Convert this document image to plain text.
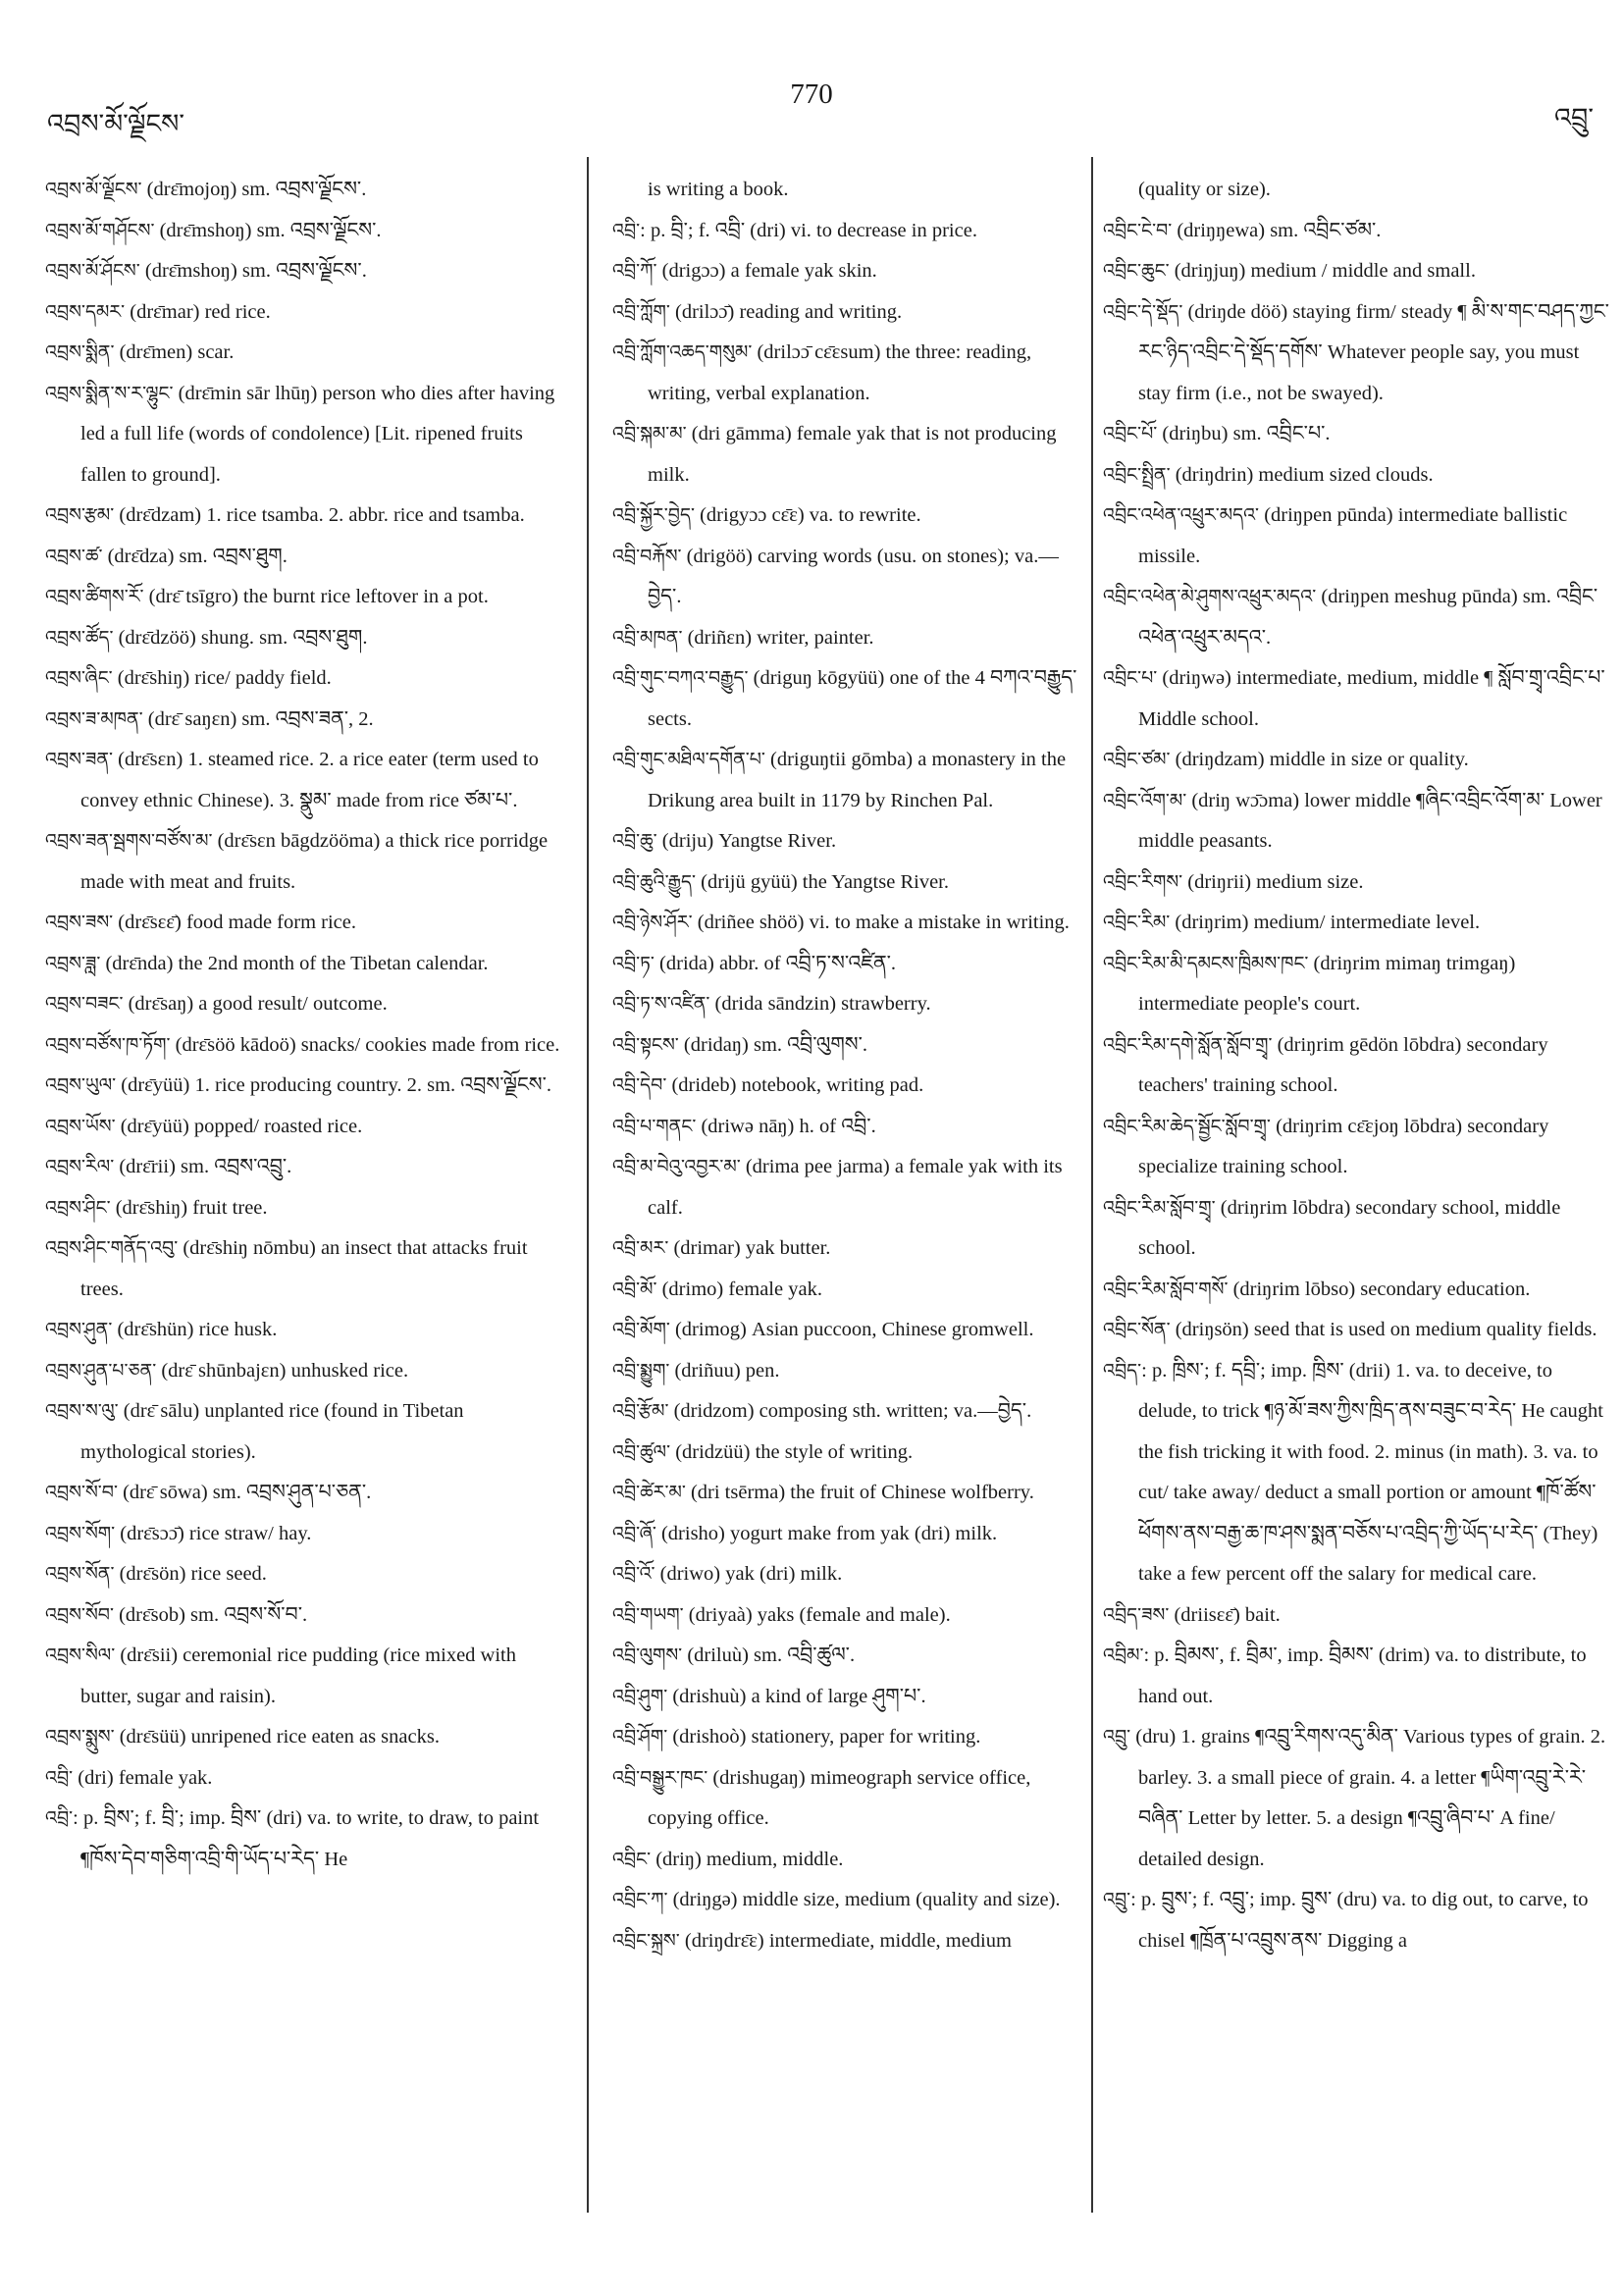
འབྲས་མོ་ལྗོངས་
770
འབྲུ་

འབྲས་མོ་ལྗོངས་ (drɛ̄mojoŋ) sm. འབྲས་ལྗོངས་.

འབྲས་མོ་གཤོངས་ (drɛ̄mshoŋ) sm. འབྲས་ལྗོངས་.

འབྲས་མོ་ཤོངས་ (drɛ̄mshoŋ) sm. འབྲས་ལྗོངས་.

འབྲས་དམར་ (drɛ̄mar) red rice.

འབྲས་སྨིན་ (drɛ̄men) scar.

འབྲས་སྨིན་ས་ར་ལྷུང་ (drɛ̄min sār lhūŋ) person who dies after having led a full life (words of condolence) [Lit. ripened fruits fallen to ground].

འབྲས་རྩམ་ (drɛ̄dzam) 1. rice tsamba. 2. abbr. rice and tsamba.

འབྲས་ཚ་ (drɛ̄dza) sm. འབྲས་ཐུག.

འབྲས་ཚིགས་རོ་ (drɛ̄ tsīgro) the burnt rice leftover in a pot.

འབྲས་ཚོད་ (drɛ̄dzöö) shung. sm. འབྲས་ཐུག.

འབྲས་ཞིང་ (drɛ̄shiŋ) rice/ paddy field.

འབྲས་ཟ་མཁན་ (drɛ̄ saŋɛn) sm. འབྲས་ཟན་, 2.

འབྲས་ཟན་ (drɛ̄sɛn) 1. steamed rice. 2. a rice eater (term used to convey ethnic Chinese). 3. སྣུམ་ made from rice ཙམ་པ་.

འབྲས་ཟན་སྦགས་བཙོས་མ་ (drɛ̄sɛn bāgdzööma) a thick rice porridge made with meat and fruits.

འབྲས་ཟས་ (drɛ̄sɛɛ̄) food made form rice.

འབྲས་ཟླ་ (drɛ̄nda) the 2nd month of the Tibetan calendar.

འབྲས་བཟང་ (drɛ̄saŋ) a good result/ outcome.

འབྲས་བཙོས་ཁ་ཏོག་ (drɛ̄söö kādoö) snacks/ cookies made from rice.

འབྲས་ཡུལ་ (drɛ̄yüü) 1. rice producing country. 2. sm. འབྲས་ལྗོངས་.

འབྲས་ཡོས་ (drɛ̄yüü) popped/ roasted rice.

འབྲས་རིལ་ (drɛ̄rii) sm. འབྲས་འབྲུ་.

འབྲས་ཤིང་ (drɛ̄shiŋ) fruit tree.

འབྲས་ཤིང་གནོད་འབུ་ (drɛ̄shiŋ nōmbu) an insect that attacks fruit trees.

འབྲས་ཤུན་ (drɛ̄shün) rice husk.

འབྲས་ཤུན་པ་ཅན་ (drɛ̄ shūnbajɛn) unhusked rice.

འབྲས་ས་ལུ་ (drɛ̄ sālu) unplanted rice (found in Tibetan mythological stories).

འབྲས་སོ་བ་ (drɛ̄ sōwa) sm. འབྲས་ཤུན་པ་ཅན་.

འབྲས་སོག་ (drɛ̄sɔɔ̄) rice straw/ hay.

འབྲས་སོན་ (drɛ̄sön) rice seed.

འབྲས་སོབ་ (drɛ̄sob) sm. འབྲས་སོ་བ་.

འབྲས་སིལ་ (drɛ̄sii) ceremonial rice pudding (rice mixed with butter, sugar and raisin).

འབྲས་སྨུས་ (drɛ̄süü) unripened rice eaten as snacks.

འབྲི་ (dri) female yak.

འབྲི་: p. བྲིས་; f. བྲི་; imp. བྲིས་ (dri) va. to write, to draw, to paint ¶ཁོས་དེབ་གཅིག་འབྲི་གི་ཡོད་པ་རེད་ He

is writing a book.

འབྲི་: p. བྲི་; f. འབྲི་ (dri) vi. to decrease in price.

འབྲི་ཀོ་ (drigɔɔ) a female yak skin.

འབྲི་ཀློག་ (drilɔɔ̄) reading and writing.

འབྲི་ཀློག་འཆད་གསུམ་ (drilɔɔ̄ cɛ̄ɛsum) the three: reading, writing, verbal explanation.

འབྲི་སྐམ་མ་ (dri gāmma) female yak that is not producing milk.

འབྲི་སྐྱོར་བྱེད་ (drigyɔɔ cɛ̄ɛ) va. to rewrite.

འབྲི་བརྐོས་ (drigöö) carving words (usu. on stones); va.—བྱེད་.

འབྲི་མཁན་ (driñɛn) writer, painter.

འབྲི་གུང་བཀའ་བརྒྱུད་ (driguŋ kōgyüü) one of the 4 བཀའ་བརྒྱུད་ sects.

འབྲི་གུང་མཐིལ་དགོན་པ་ (driguŋtii gōmba) a monastery in the Drikung area built in 1179 by Rinchen Pal.

འབྲི་ཆུ་ (driju) Yangtse River.

འབྲི་ཆུའི་རྒྱུད་ (drijü gyüü) the Yangtse River.

འབྲི་ཉེས་ཤོར་ (driñee shöö) vi. to make a mistake in writing.

འབྲི་ཏ་ (drida) abbr. of འབྲི་ཏ་ས་འཛིན་.

འབྲི་ཏ་ས་འཛིན་ (drida sāndzin) strawberry.

འབྲི་སྟངས་ (dridaŋ) sm. འབྲི་ལུགས་.

འབྲི་དེབ་ (drideb) notebook, writing pad.

འབྲི་པ་གནང་ (driwə nāŋ) h. of འབྲི་.

འབྲི་མ་བེའུ་འབྱར་མ་ (drima pee jarma) a female yak with its calf.

འབྲི་མར་ (drimar) yak butter.

འབྲི་མོ་ (drimo) female yak.

འབྲི་མོག་ (drimog) Asian puccoon, Chinese gromwell.

འབྲི་སྨྱུག་ (driñuu) pen.

འབྲི་རྩོམ་ (dridzom) composing sth. written; va.—བྱེད་.

འབྲི་ཚུལ་ (dridzüü) the style of writing.

འབྲི་ཚེར་མ་ (dri tsērma) the fruit of Chinese wolfberry.

འབྲི་ཞོ་ (drisho) yogurt make from yak (dri) milk.

འབྲི་འོ་ (driwo) yak (dri) milk.

འབྲི་གཡག་ (driyaà) yaks (female and male).

འབྲི་ལུགས་ (driluù) sm. འབྲི་ཚུལ་.

འབྲི་ཤུག་ (drishuù) a kind of large ཤུག་པ་.

འབྲི་ཤོག་ (drishoò) stationery, paper for writing.

འབྲི་བསྒྱུར་ཁང་ (drishugaŋ) mimeograph service office, copying office.

འབྲིང་ (driŋ) medium, middle.

འབྲིང་ཀ་ (driŋgə) middle size, medium (quality and size).

འབྲིང་སྐྲས་ (driŋdrɛ̄ɛ) intermediate, middle, medium

(quality or size).

འབྲིང་ངེ་བ་ (driŋŋewa) sm. འབྲིང་ཙམ་.

འབྲིང་ཆུང་ (driŋjuŋ) medium / middle and small.

འབྲིང་དེ་སྡོད་ (driŋde döö) staying firm/ steady ¶ མི་ས་གང་བཤད་ཀྱང་རང་ཉིད་འབྲིང་དེ་སྡོད་དགོས་ Whatever people say, you must stay firm (i.e., not be swayed).

འབྲིང་པོ་ (driŋbu) sm. འབྲིང་པ་.

འབྲིང་སྤྲིན་ (driŋdrin) medium sized clouds.

འབྲིང་འཕེན་འཕྲུར་མདའ་ (driŋpen pūnda) intermediate ballistic missile.

འབྲིང་འཕེན་མེ་ཤུགས་འཕྲུར་མདའ་ (driŋpen meshug pūnda) sm. འབྲིང་འཕེན་འཕྲུར་མདའ་.

འབྲིང་པ་ (driŋwə) intermediate, medium, middle ¶ སློབ་གྲྭ་འབྲིང་པ་ Middle school.

འབྲིང་ཙམ་ (driŋdzam) middle in size or quality.

འབྲིང་འོག་མ་ (driŋ wɔ̄ɔma) lower middle ¶ཞིང་འབྲིང་འོག་མ་ Lower middle peasants.

འབྲིང་རིགས་ (driŋrii) medium size.

འབྲིང་རིམ་ (driŋrim) medium/ intermediate level.

འབྲིང་རིམ་མི་དམངས་ཁྲིམས་ཁང་ (driŋrim mimaŋ trimgaŋ) intermediate people's court.

འབྲིང་རིམ་དགེ་སློན་སློབ་གྲྭ་ (driŋrim gēdön lōbdra) secondary teachers' training school.

འབྲིང་རིམ་ཆེད་སྦྱོང་སློབ་གྲྭ་ (driŋrim cɛ̄ɛjoŋ lōbdra) secondary specialize training school.

འབྲིང་རིམ་སློབ་གྲྭ་ (driŋrim lōbdra) secondary school, middle school.

འབྲིང་རིམ་སློབ་གསོ་ (driŋrim lōbso) secondary education.

འབྲིང་སོན་ (driŋsön) seed that is used on medium quality fields.

འབྲིད་: p. ཁྲིས་; f. དབྲི་; imp. ཁྲིས་ (drii) 1. va. to deceive, to delude, to trick ¶ཉ་མོ་ཟས་ཀྱིས་ཁྲིད་ནས་བཟུང་བ་རེད་ He caught the fish tricking it with food. 2. minus (in math). 3. va. to cut/ take away/ deduct a small portion or amount ¶ཁོ་ཚོས་ཕོགས་ནས་བརྒྱ་ཆ་ཁ་ཤས་སྨན་བཅོས་པ་འབྲིད་ཀྱི་ཡོད་པ་རེད་ (They) take a few percent off the salary for medical care.

འབྲིད་ཟས་ (driisɛɛ̄) bait.

འབྲིམ་: p. བྲིམས་, f. བྲིམ་, imp. བྲིམས་ (drim) va. to distribute, to hand out.

འབྲུ་ (dru) 1. grains ¶འབྲུ་རིགས་འདུ་མིན་ Various types of grain. 2. barley. 3. a small piece of grain. 4. a letter ¶ཡིག་འབྲུ་རེ་རེ་བཞིན་ Letter by letter. 5. a design ¶འབྲུ་ཞིབ་པ་ A fine/ detailed design.

འབྲུ་: p. བྲུས་; f. འབྲུ་; imp. བྲུས་ (dru) va. to dig out, to carve, to chisel ¶ཁྲོན་པ་འབྲུས་ནས་ Digging a
